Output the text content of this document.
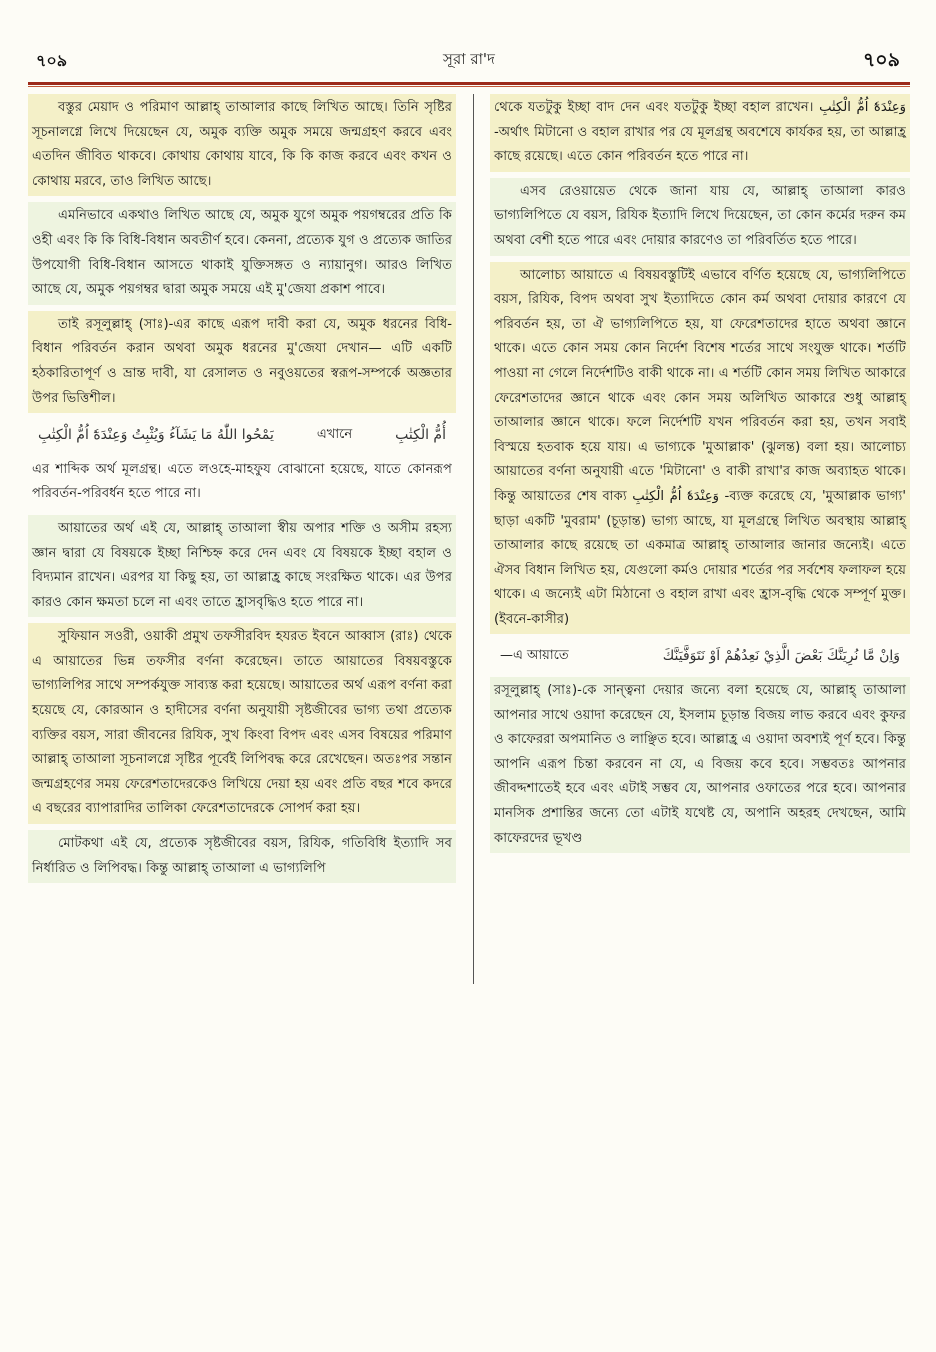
৭০৯	সূরা রা'দ	৭০৯

বস্তুর মেয়াদ ও পরিমাণ আল্লাহ্ তাআলার কাছে লিখিত আছে। তিনি সৃষ্টির সূচনালগ্নে লিখে দিয়েছেন যে, অমুক ব্যক্তি অমুক সময়ে জন্মগ্রহণ করবে এবং এতদিন জীবিত থাকবে। কোথায় কোথায় যাবে, কি কি কাজ করবে এবং কখন ও কোথায় মরবে, তাও লিখিত আছে।

এমনিভাবে একথাও লিখিত আছে যে, অমুক যুগে অমুক পয়গম্বরের প্রতি কি ওহী এবং কি কি বিধি-বিধান অবতীর্ণ হবে। কেননা, প্রত্যেক যুগ ও প্রত্যেক জাতির উপযোগী বিধি-বিধান আসতে থাকাই যুক্তিসঙ্গত ও ন্যায়ানুগ। আরও লিখিত আছে যে, অমুক পয়গম্বর দ্বারা অমুক সময়ে এই মু'জেযা প্রকাশ পাবে।

তাই রসূলুল্লাহ্ (সাঃ)-এর কাছে এরূপ দাবী করা যে, অমুক ধরনের বিধি-বিধান পরিবর্তন করান অথবা অমুক ধরনের মু'জেযা দেখান— এটি একটি হঠকারিতাপূর্ণ ও ভ্রান্ত দাবী, যা রেসালত ও নবুওয়তের স্বরূপ-সম্পর্কে অজ্ঞতার উপর ভিত্তিশীল।

يَمْحُوا اللّٰهُ مَا يَشَآءُ وَيُثْبِتُ وَعِنْدَهٗٓ اُمُّ الْكِتٰبِ	এখানে	أُمُّ الْكِتٰبِ

এর শাব্দিক অর্থ মূলগ্রন্থ। এতে লওহে-মাহফুয বোঝানো হয়েছে, যাতে কোনরূপ পরিবর্তন-পরিবর্ধন হতে পারে না।

আয়াতের অর্থ এই যে, আল্লাহ্ তাআলা স্বীয় অপার শক্তি ও অসীম রহস্য জ্ঞান দ্বারা যে বিষয়কে ইচ্ছা নিশ্চিহ্ন করে দেন এবং যে বিষয়কে ইচ্ছা বহাল ও বিদ্যমান রাখেন। এরপর যা কিছু হয়, তা আল্লাহ্র কাছে সংরক্ষিত থাকে। এর উপর কারও কোন ক্ষমতা চলে না এবং তাতে হ্রাসবৃদ্ধিও হতে পারে না।

সুফিয়ান সওরী, ওয়াকী প্রমুখ তফসীরবিদ হযরত ইবনে আব্বাস (রাঃ) থেকে এ আয়াতের ভিন্ন তফসীর বর্ণনা করেছেন। তাতে আয়াতের বিষয়বস্তুকে ভাগ্যলিপির সাথে সম্পর্কযুক্ত সাব্যস্ত করা হয়েছে। আয়াতের অর্থ এরূপ বর্ণনা করা হয়েছে যে, কোরআন ও হাদীসের বর্ণনা অনুযায়ী সৃষ্টজীবের ভাগ্য তথা প্রত্যেক ব্যক্তির বয়স, সারা জীবনের রিযিক, সুখ কিংবা বিপদ এবং এসব বিষয়ের পরিমাণ আল্লাহ্ তাআলা সূচনালগ্নে সৃষ্টির পূর্বেই লিপিবদ্ধ করে রেখেছেন। অতঃপর সন্তান জন্মগ্রহণের সময় ফেরেশতাদেরকেও লিখিয়ে দেয়া হয় এবং প্রতি বছর শবে কদরে এ বছরের ব্যাপারাদির তালিকা ফেরেশতাদেরকে সোপর্দ করা হয়।

মোটকথা এই যে, প্রত্যেক সৃষ্টজীবের বয়স, রিযিক, গতিবিধি ইত্যাদি সব নির্ধারিত ও লিপিবদ্ধ। কিন্তু আল্লাহ্ তাআলা এ ভাগ্যলিপি

থেকে যতটুকু ইচ্ছা বাদ দেন এবং যতটুকু ইচ্ছা বহাল রাখেন। وَعِنْدَهٗٓ اُمُّ الْكِتٰبِ -অর্থাৎ মিটানো ও বহাল রাখার পর যে মূলগ্রন্থ অবশেষে কার্যকর হয়, তা আল্লাহ্র কাছে রয়েছে। এতে কোন পরিবর্তন হতে পারে না।

এসব রেওয়ায়েত থেকে জানা যায় যে, আল্লাহ্ তাআলা কারও ভাগ্যলিপিতে যে বয়স, রিযিক ইত্যাদি লিখে দিয়েছেন, তা কোন কর্মের দরুন কম অথবা বেশী হতে পারে এবং দোয়ার কারণেও তা পরিবর্তিত হতে পারে।

আলোচ্য আয়াতে এ বিষয়বস্তুটিই এভাবে বর্ণিত হয়েছে যে, ভাগ্যলিপিতে বয়স, রিযিক, বিপদ অথবা সুখ ইত্যাদিতে কোন কর্ম অথবা দোয়ার কারণে যে পরিবর্তন হয়, তা ঐ ভাগ্যলিপিতে হয়, যা ফেরেশতাদের হাতে অথবা জ্ঞানে থাকে। এতে কোন সময় কোন নির্দেশ বিশেষ শর্তের সাথে সংযুক্ত থাকে। শর্তটি পাওয়া না গেলে নির্দেশটিও বাকী থাকে না। এ শর্তটি কোন সময় লিখিত আকারে ফেরেশতাদের জ্ঞানে থাকে এবং কোন সময় অলিখিত আকারে শুধু আল্লাহ্ তাআলার জ্ঞানে থাকে। ফলে নির্দেশটি যখন পরিবর্তন করা হয়, তখন সবাই বিস্ময়ে হতবাক হয়ে যায়। এ ভাগ্যকে 'মুআল্লাক' (ঝুলন্ত) বলা হয়। আলোচ্য আয়াতের বর্ণনা অনুযায়ী এতে 'মিটানো' ও বাকী রাখা'র কাজ অব্যাহত থাকে। কিন্তু আয়াতের শেষ বাক্য وَعِنْدَهٗٓ اُمُّ الْكِتٰبِ -ব্যক্ত করেছে যে, 'মুআল্লাক ভাগ্য' ছাড়া একটি 'মুবরাম' (চূড়ান্ত) ভাগ্য আছে, যা মূলগ্রন্থে লিখিত অবস্থায় আল্লাহ্ তাআলার কাছে রয়েছে তা একমাত্র আল্লাহ্ তাআলার জানার জন্যেই। এতে ঐসব বিধান লিখিত হয়, যেগুলো কর্মও দোয়ার শর্তের পর সর্বশেষ ফলাফল হয়ে থাকে। এ জন্যেই এটা মিঠানো ও বহাল রাখা এবং হ্রাস-বৃদ্ধি থেকে সম্পূর্ণ মুক্ত। (ইবনে-কাসীর)

—এ আয়াতে	وَاِنْ مَّا نُرِيَنَّكَ بَعْضَ الَّذِيْ نَعِدُهُمْ اَوْ نَتَوَفَّيَنَّكَ

রসূলুল্লাহ্ (সাঃ)-কে সান্ত্বনা দেয়ার জন্যে বলা হয়েছে যে, আল্লাহ্ তাআলা আপনার সাথে ওয়াদা করেছেন যে, ইসলাম চূড়ান্ত বিজয় লাভ করবে এবং কুফর ও কাফেররা অপমানিত ও লাঞ্ছিত হবে। আল্লাহ্র এ ওয়াদা অবশ্যই পূর্ণ হবে। কিন্তু আপনি এরূপ চিন্তা করবেন না যে, এ বিজয় কবে হবে। সম্ভবতঃ আপনার জীবদ্দশাতেই হবে এবং এটাই সম্ভব যে, আপনার ওফাতের পরে হবে। আপনার মানসিক প্রশান্তির জন্যে তো এটাই যথেষ্ট যে, অপানি অহরহ দেখছেন, আমি কাফেরদের ভূখণ্ড
